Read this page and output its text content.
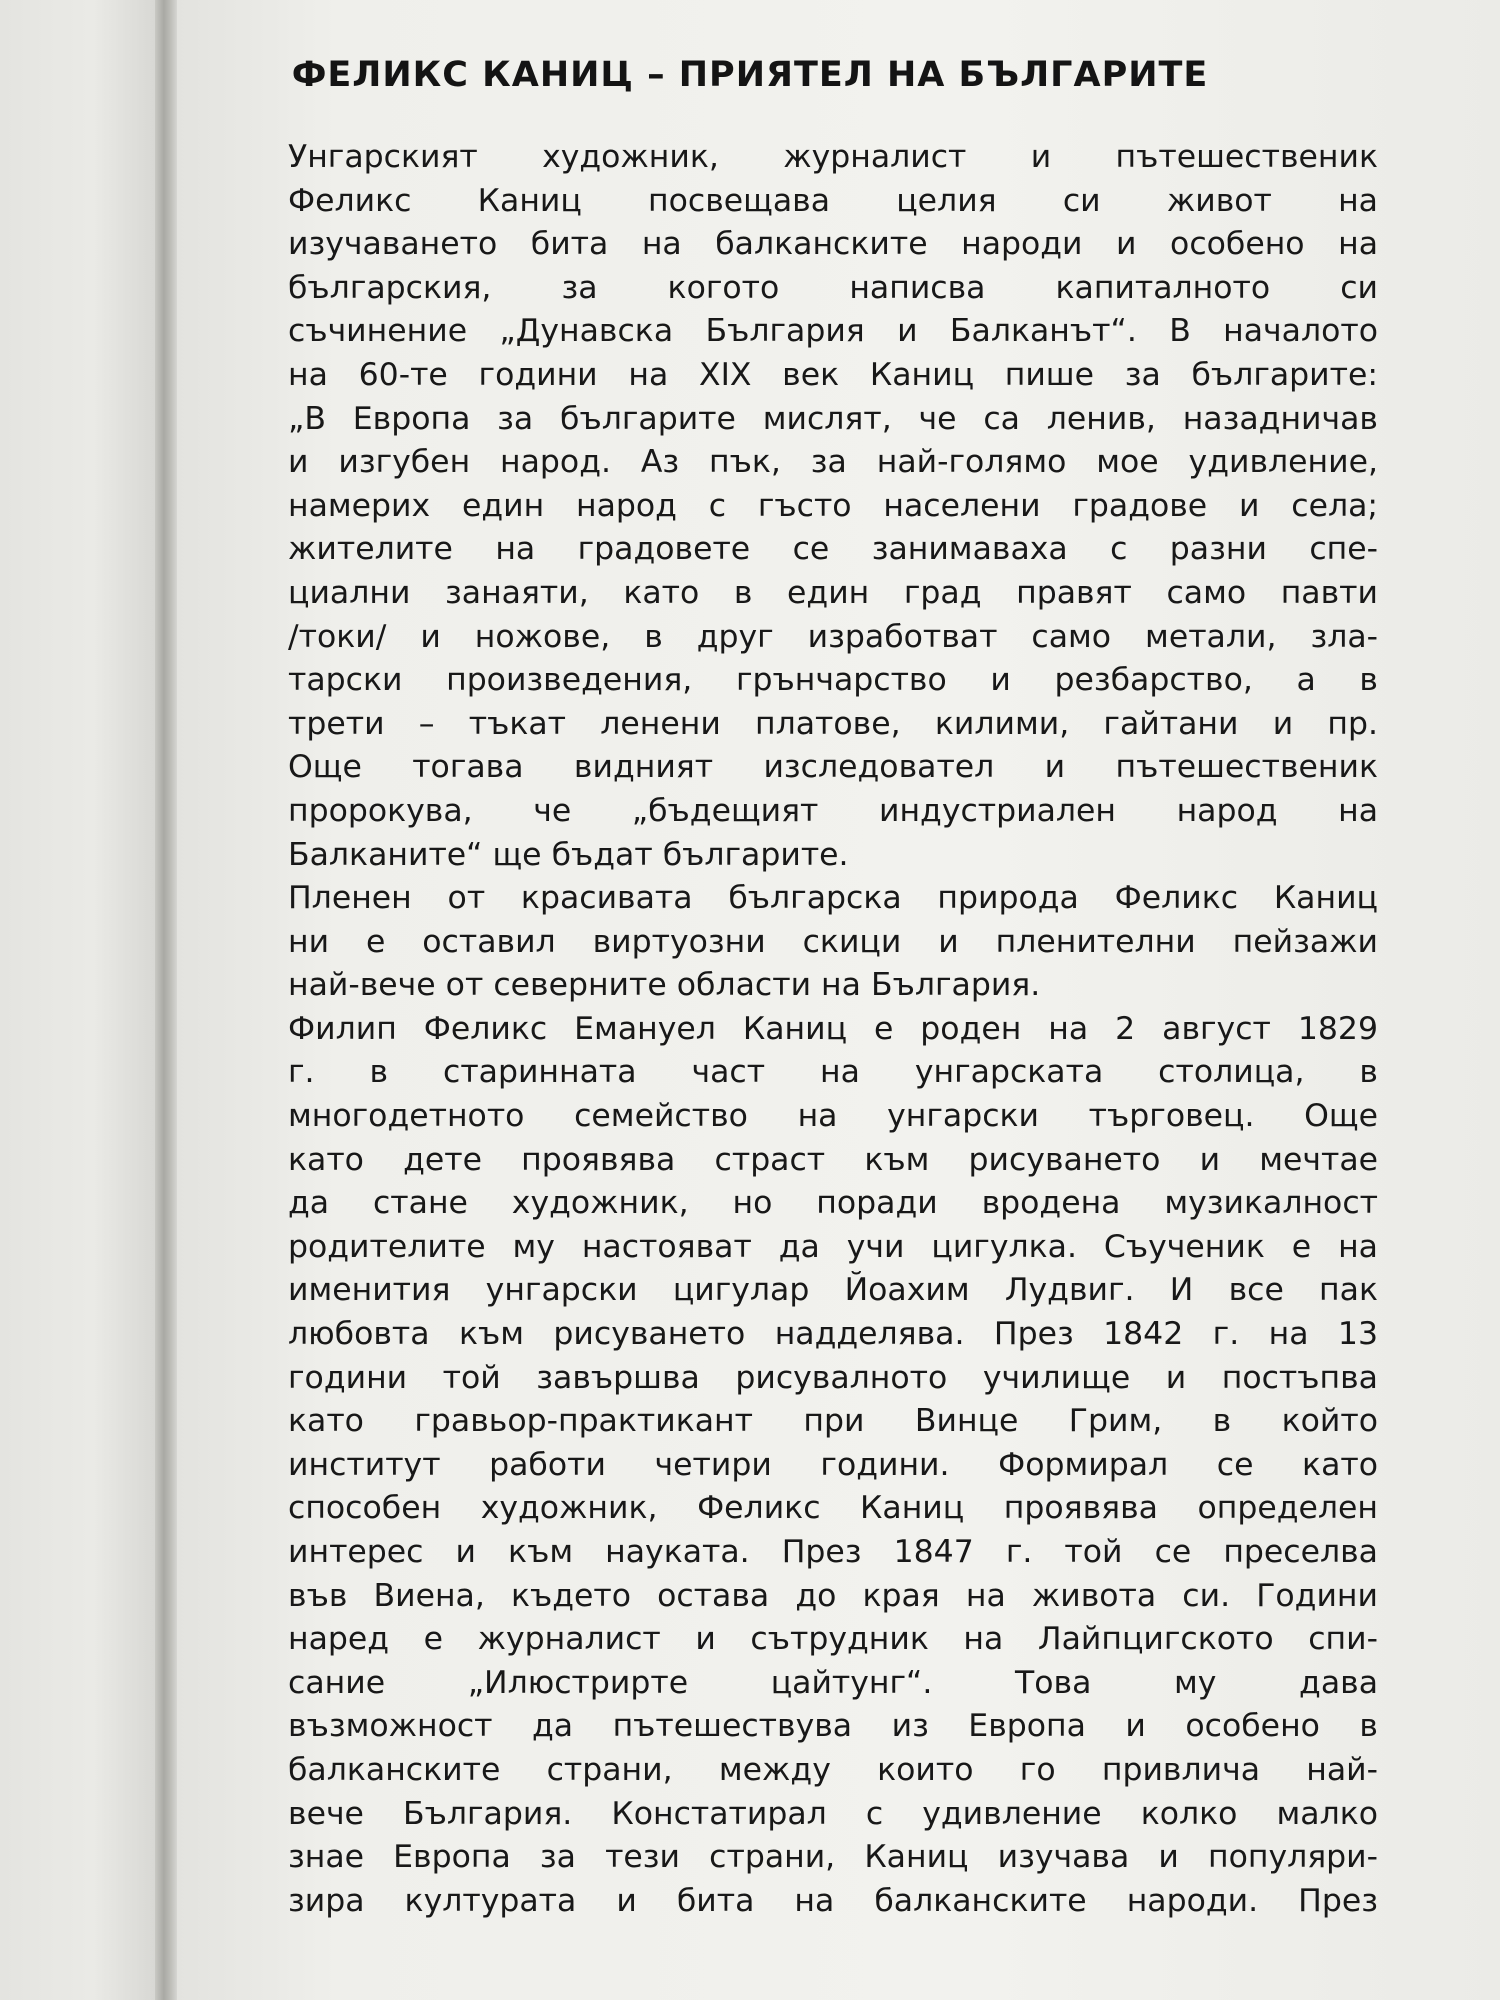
ФЕЛИКС КАНИЦ – ПРИЯТЕЛ НА БЪЛГАРИТЕ
Унгарският художник, журналист и пътешественик
Феликс Каниц посвещава целия си живот на
изучаването бита на балканските народи и особено на
българския, за когото написва капиталното си
съчинение „Дунавска България и Балканът“. В началото
на 60-те години на XIX век Каниц пише за българите:
„В Европа за българите мислят, че са ленив, назадничав
и изгубен народ. Аз пък, за най-голямо мое удивление,
намерих един народ с гъсто населени градове и села;
жителите на градовете се занимаваха с разни спе-
циални занаяти, като в един град правят само павти
/токи/ и ножове, в друг изработват само метали, зла-
тарски произведения, грънчарство и резбарство, а в
трети – тъкат ленени платове, килими, гайтани и пр.
Още тогава видният изследовател и пътешественик
пророкува, че „бъдещият индустриален народ на
Балканите“ ще бъдат българите.
Пленен от красивата българска природа Феликс Каниц
ни е оставил виртуозни скици и пленителни пейзажи
най-вече от северните области на България.
Филип Феликс Емануел Каниц е роден на 2 август 1829
г. в старинната част на унгарската столица, в
многодетното семейство на унгарски търговец. Още
като дете проявява страст към рисуването и мечтае
да стане художник, но поради вродена музикалност
родителите му настояват да учи цигулка. Съученик е на
именития унгарски цигулар Йоахим Лудвиг. И все пак
любовта към рисуването надделява. През 1842 г. на 13
години той завършва рисувалното училище и постъпва
като гравьор-практикант при Винце Грим, в който
институт работи четири години. Формирал се като
способен художник, Феликс Каниц проявява определен
интерес и към науката. През 1847 г. той се преселва
във Виена, където остава до края на живота си. Години
наред е журналист и сътрудник на Лайпцигското спи-
сание „Илюстрирте цайтунг“. Това му дава
възможност да пътешествува из Европа и особено в
балканските страни, между които го привлича най-
вече България. Констатирал с удивление колко малко
знае Европа за тези страни, Каниц изучава и популяри-
зира културата и бита на балканските народи. През
